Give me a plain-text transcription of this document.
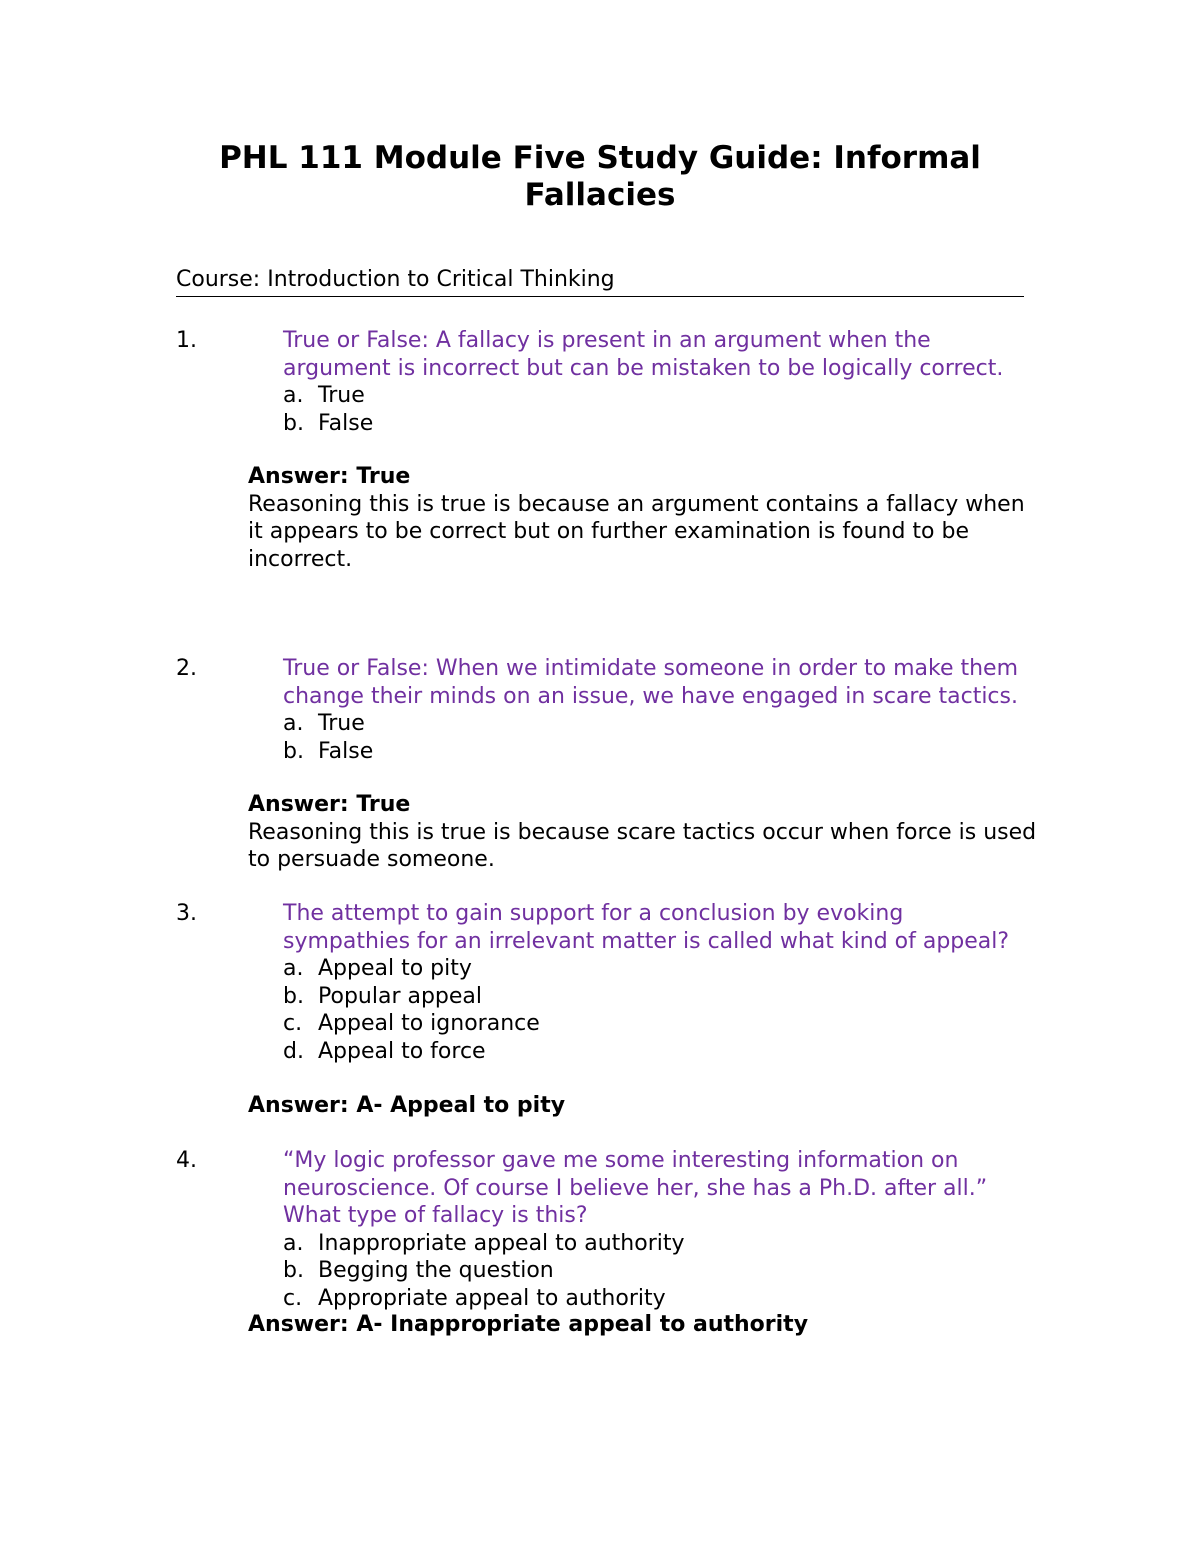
PHL 111 Module Five Study Guide: Informal Fallacies
Course: Introduction to Critical Thinking
1.	True or False: A fallacy is present in an argument when the argument is incorrect but can be mistaken to be logically correct.

a. True
b. False

Answer: True

Reasoning this is true is because an argument contains a fallacy when it appears to be correct but on further examination is found to be incorrect.

2.	True or False: When we intimidate someone in order to make them change their minds on an issue, we have engaged in scare tactics.

a. True
b. False

Answer: True

Reasoning this is true is because scare tactics occur when force is used to persuade someone.

3.	The attempt to gain support for a conclusion by evoking sympathies for an irrelevant matter is called what kind of appeal?

a. Appeal to pity
b. Popular appeal
c. Appeal to ignorance
d. Appeal to force

Answer: A- Appeal to pity

4.	“My logic professor gave me some interesting information on neuroscience. Of course I believe her, she has a Ph.D. after all.” What type of fallacy is this?

a. Inappropriate appeal to authority
b. Begging the question
c. Appropriate appeal to authority

Answer: A- Inappropriate appeal to authority
